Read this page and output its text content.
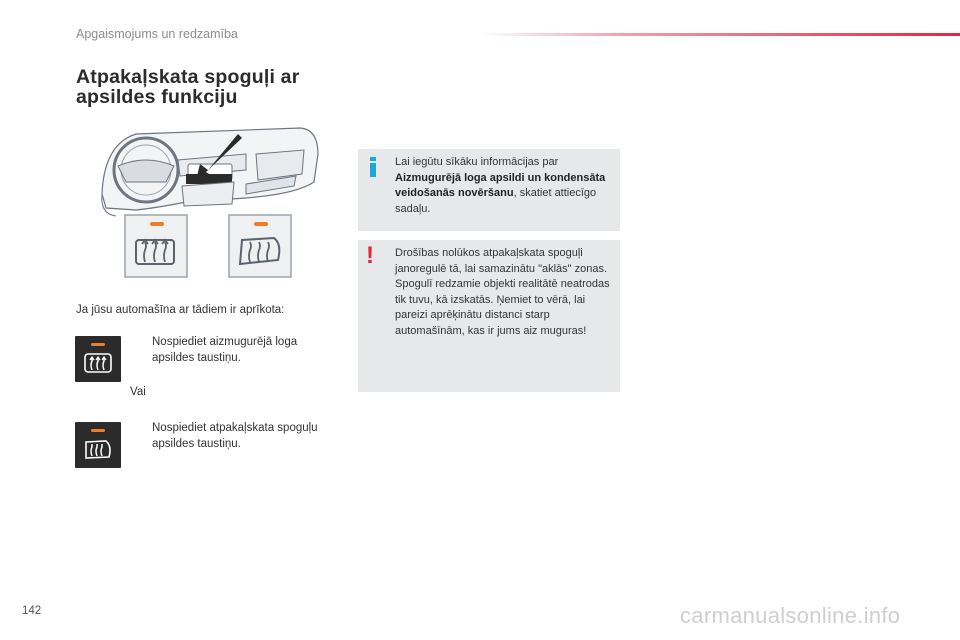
Apgaismojums un redzamība
Atpakaļskata spoguļi ar
apsildes funkciju
Ja jūsu automašīna ar tādiem ir aprīkota:
Nospiediet aizmugurējā loga apsildes taustiņu.
Vai
Nospiediet atpakaļskata spoguļu apsildes taustiņu.
Lai iegūtu sīkāku informācijas par Aizmugurējā loga apsildi un kondensāta veidošanās novēršanu, skatiet attiecīgo sadaļu.
! Drošības nolūkos atpakaļskata spoguļi janoregulē tā, lai samazinātu "aklās" zonas. Spogulī redzamie objekti realitātē neatrodas tik tuvu, kā izskatās. Ņemiet to vērā, lai pareizi aprēķinātu distanci starp automašīnām, kas ir jums aiz muguras!
142	carmanualsonline.info
